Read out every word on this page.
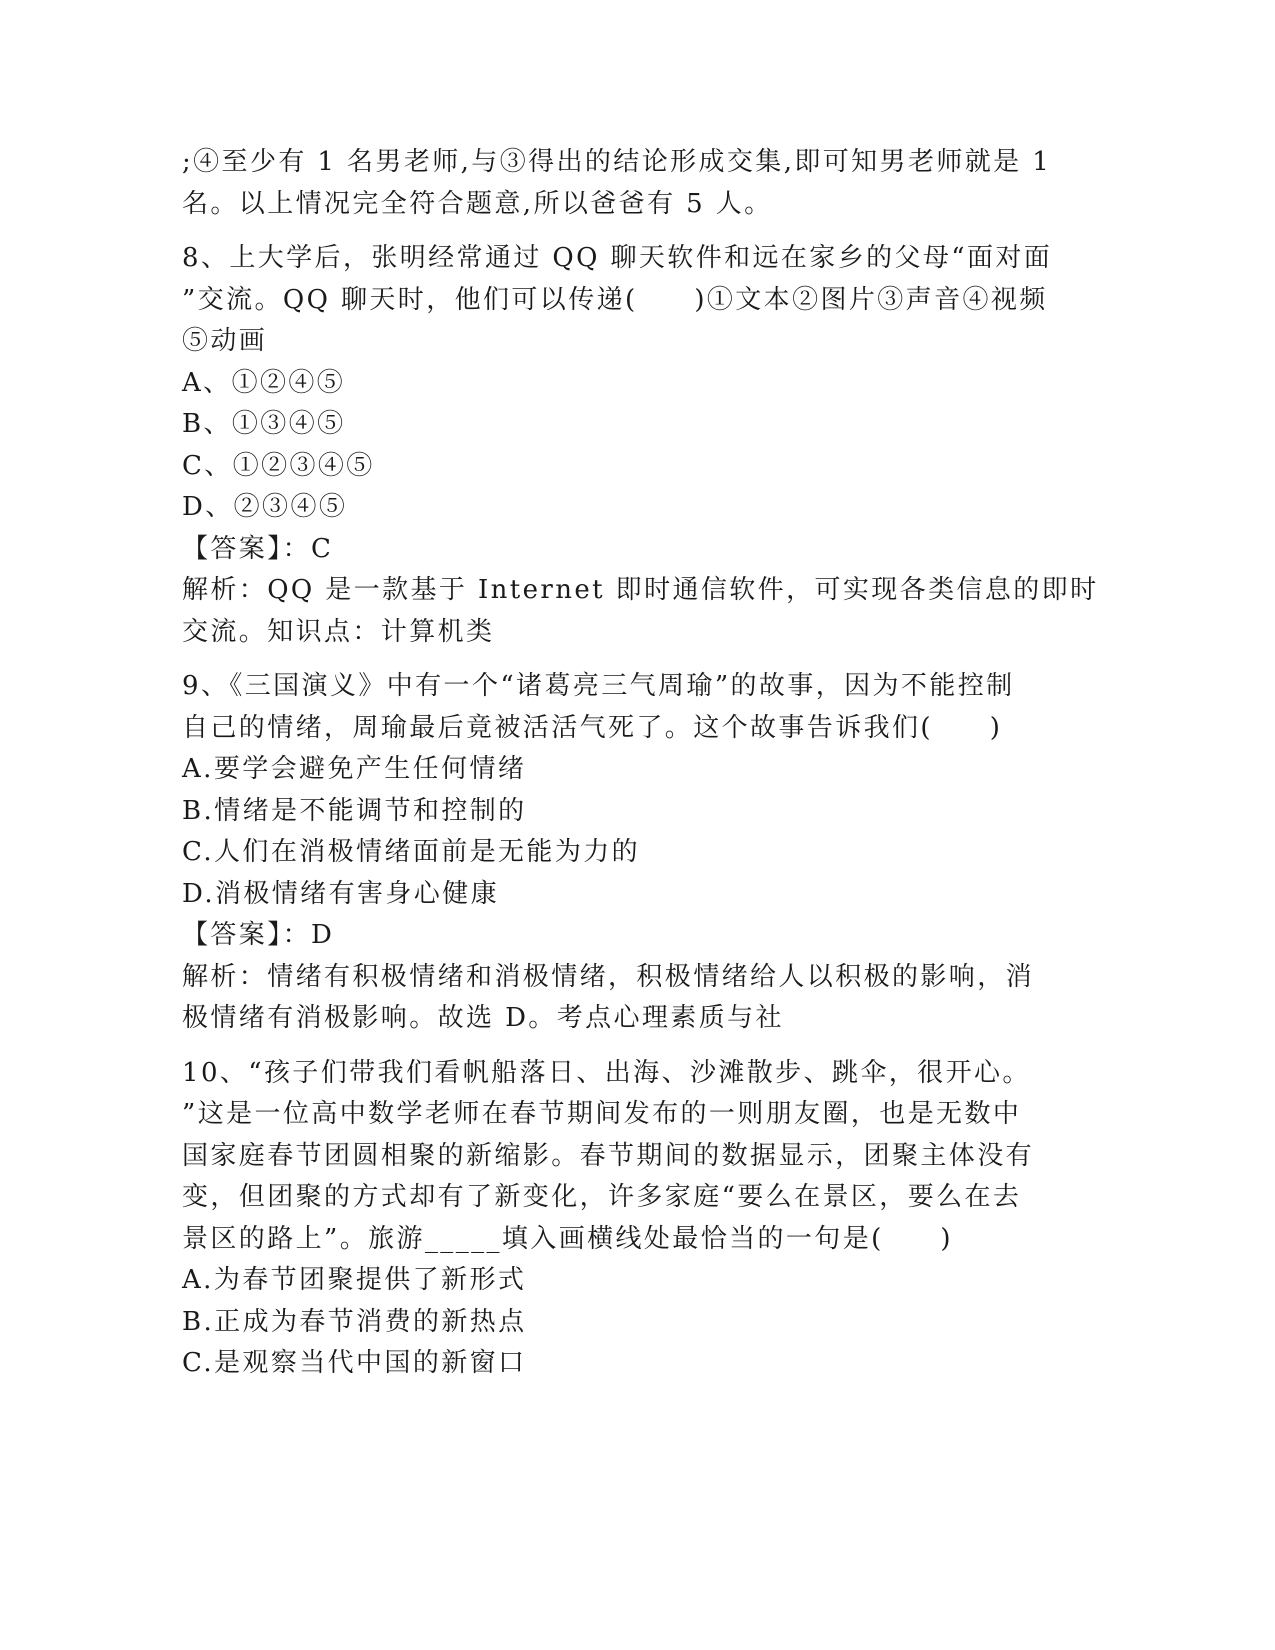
;④至少有 1 名男老师,与③得出的结论形成交集,即可知男老师就是 1
名。以上情况完全符合题意,所以爸爸有 5 人。
8、上大学后，张明经常通过 QQ 聊天软件和远在家乡的父母“面对面
”交流。QQ 聊天时，他们可以传递(　　)①文本②图片③声音④视频
⑤动画
A、①②④⑤
B、①③④⑤
C、①②③④⑤
D、②③④⑤
【答案】：C
解析：QQ 是一款基于 Internet 即时通信软件，可实现各类信息的即时
交流。知识点：计算机类
9、《三国演义》中有一个“诸葛亮三气周瑜”的故事，因为不能控制
自己的情绪，周瑜最后竟被活活气死了。这个故事告诉我们(　　)
A.要学会避免产生任何情绪
B.情绪是不能调节和控制的
C.人们在消极情绪面前是无能为力的
D.消极情绪有害身心健康
【答案】：D
解析：情绪有积极情绪和消极情绪，积极情绪给人以积极的影响，消
极情绪有消极影响。故选 D。考点心理素质与社
10、“孩子们带我们看帆船落日、出海、沙滩散步、跳伞，很开心。
”这是一位高中数学老师在春节期间发布的一则朋友圈，也是无数中
国家庭春节团圆相聚的新缩影。春节期间的数据显示，团聚主体没有
变，但团聚的方式却有了新变化，许多家庭“要么在景区，要么在去
景区的路上”。旅游_____填入画横线处最恰当的一句是(　　)
A.为春节团聚提供了新形式
B.正成为春节消费的新热点
C.是观察当代中国的新窗口
